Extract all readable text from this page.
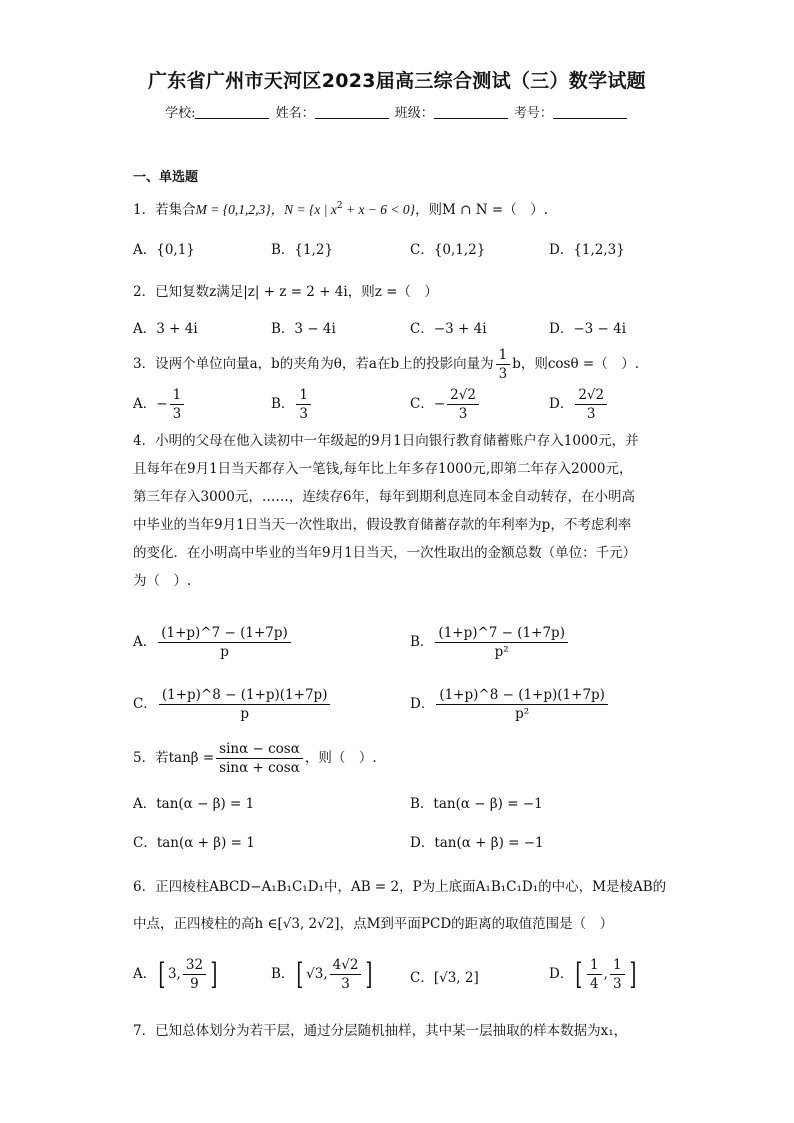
广东省广州市天河区2023届高三综合测试（三）数学试题
学校:	姓名：	班级：	考号：
一、单选题
1．若集合M = {0,1,2,3}，N = {x | $x^2 + x - 6 < 0$}，则M ∩ N =（　）.
A．{0,1}	B．{1,2}	C．{0,1,2}	D．{1,2,3}
2．已知复数z满足|z| + z = 2 + 4i，则z =（　）
A．3 + 4i	B．3 − 4i	C．−3 + 4i	D．−3 − 4i
3．设两个单位向量a，b的夹角为θ，若a在b上的投影向量为 $\frac{1}{3}$ b，则cosθ =（　）.
A．− $\frac{1}{3}$	B． $\frac{1}{3}$	C．− $\frac{2√2}{3}$	D． $\frac{2√2}{3}$
4．小明的父母在他入读初中一年级起的9月1日向银行教育储蓄账户存入1000元，并
且每年在9月1日当天都存入一笔钱,每年比上年多存1000元,即第二年存入2000元，
第三年存入3000元，……，连续存6年，每年到期利息连同本金自动转存，在小明高
中毕业的当年9月1日当天一次性取出，假设教育储蓄存款的年利率为p，不考虑利率
的变化．在小明高中毕业的当年9月1日当天，一次性取出的金额总数（单位：千元）
为（　）.
A． $\frac{(1+p)\^{}7 - (1+7p)}{p}$	B． $\frac{(1+p)\^{}7 - (1+7p)}{\text{p²}}$
C． $\frac{(1+p)\^{}8 - (1+p)(1+7p)}{p}$	D． $\frac{(1+p)\^{}8 - (1+p)(1+7p)}{\text{p²}}$
5．若$\tan\beta = \frac{\sin\alpha - \cos\alpha}{\sin\alpha + \cos\alpha}$ ，则（　）.
A．tan(α − β) = 1	B．tan(α − β) = −1
C．tan(α + β) = 1	D．tan(α + β) = −1
6．正四棱柱ABCD−A₁B₁C₁D₁中，AB = 2，P为上底面A₁B₁C₁D₁的中心，M是棱AB的
中点，正四棱柱的高h ∈[√3, 2√2]，点M到平面PCD的距离的取值范围是（　）
A．[ 3, $\frac{32}{9}$ ]	B．[ √3, $\frac{4√2}{3}$ ]	C．[√3, 2]	D．[ $\frac{1}{4}$ , $\frac{1}{3}$ ]
7．已知总体划分为若干层，通过分层随机抽样，其中某一层抽取的样本数据为x₁，
